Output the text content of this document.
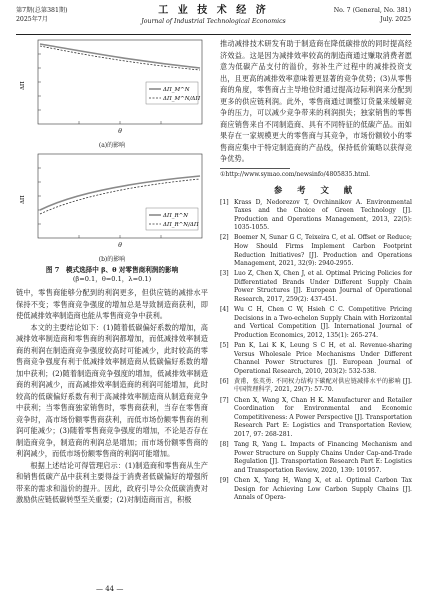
第7期(总第381期)
2025年7月
工 业 技 术 经 济
Journal of Industrial Technological Economics
No. 7 (General, No. 381)
July. 2025
ΔΠ_M^N
ΔΠ_M^N/ΔΠ
ΔΠ
θ
(a)的影响
ΔΠ_R^N
ΔΠ_R^N/ΔΠ
ΔΠ
θ
(b)的影响
图 7　模式选择中 β、θ 对零售商利润的影响
(β=0.1，θ=0.1，λ=0.1)

链中，零售商能够分配到的利润更多，但供应链的减排水平保持不变；零售商竞争强度的增加总是导致制造商获利，即使低减排效率制造商也能从零售商竞争中获利。

本文的主要结论如下：(1)随着低碳偏好系数的增加，高减排效率制造商和零售商的利润都增加，而低减排效率制造商的利润在制造商竞争强度较高时可能减少，此时较高的零售商竞争强度有利于低减排效率制造商从低碳偏好系数的增加中获利；(2)随着制造商竞争强度的增加，低减排效率制造商的利润减少，而高减排效率制造商的利润可能增加，此时较高的低碳偏好系数有利于高减排效率制造商从制造商竞争中获利；当零售商独家销售时，零售商获利，当存在零售商竞争时，高市场份额零售商获利，而低市场份额零售商的利润可能减少；(3)随着零售商竞争强度的增加，不论是否存在制造商竞争，制造商的利润总是增加；而市场份额零售商的利润减少，而低市场份额零售商的利润可能增加。

根据上述结论可得管理启示：(1)制造商和零售商从生产和销售低碳产品中获利主要得益于消费者低碳偏好的增强所带来的需求和溢价的提升。因此，政府引导公众低碳消费对激励供应链低碳转型至关重要；(2)对制造商而言，积极

推动减排技术研发有助于制造商在降低碳排放的同时提高经济效益。这是因为减排效率较高的制造商通过赚取消费者愿意为低碳产品支付的溢价，弥补生产过程中的减排投资支出，且更高的减排效率意味着更显著的竞争优势；(3)从零售商的角度，零售商占主导地位时通过提高边际利润来分配到更多的供应链利润。此外，零售商通过调整订货量来缓解竞争的压力，可以减少竞争带来的利润损失；独家销售的零售商应销售来自不同制造商、具有不同特征的低碳产品。而如果存在一家规模更大的零售商与其竞争，市场份额较小的零售商应集中于特定制造商的产品线，保持低价策略以获得竞争优势。

①http://www.symao.com/newsinfo/4805835.html.
参 考 文 献
[1] Krass D, Nedorezov T, Ovchinnikov A. Environmental Taxes and the Choice of Green Technology [J]. Production and Operations Management, 2013, 22(5): 1035-1055.
[2] Boemer N, Sunar G C, Teixeira C, et al. Offset or Reduce; How Should Firms Implement Carbon Footprint Reduction Initiatives? [J]. Production and Operations Management, 2021, 32(9): 2940-2955.
[3] Luo Z, Chen X, Chen J, et al. Optimal Pricing Policies for Differentiated Brands Under Different Supply Chain Power Structures [J]. European Journal of Operational Research, 2017, 259(2): 437-451.
[4] Wu C H, Chen C W, Hsieh C C. Competitive Pricing Decisions in a Two-echelon Supply Chain with Horizontal and Vertical Competition [J]. International Journal of Production Economics, 2012, 135(1): 265-274.
[5] Pan K, Lai K K, Leung S C H, et al. Revenue-sharing Versus Wholesale Price Mechanisms Under Different Channel Power Structures [J]. European Journal of Operational Research, 2010, 203(2): 532-538.
[6] 黄甫，张英勇. 不同权力结构下碳配对供应链减排水平的影响 [J]. 中国管理科学, 2021, 29(7): 57-70.
[7] Chen X, Wang X, Chan H K. Manufacturer and Retailer Coordination for Environmental and Economic Competitiveness: A Power Perspective [J]. Transportation Research Part E: Logistics and Transportation Review, 2017, 97: 268-281.
[8] Tang R, Yang L. Impacts of Financing Mechanism and Power Structure on Supply Chains Under Cap-and-Trade Regulation [J]. Transportation Research Part E: Logistics and Transportation Review, 2020, 139: 101957.
[9] Chen X, Yang H, Wang X, et al. Optimal Carbon Tax Design for Achieving Low Carbon Supply Chains [J]. Annals of Opera-
— 44 —
